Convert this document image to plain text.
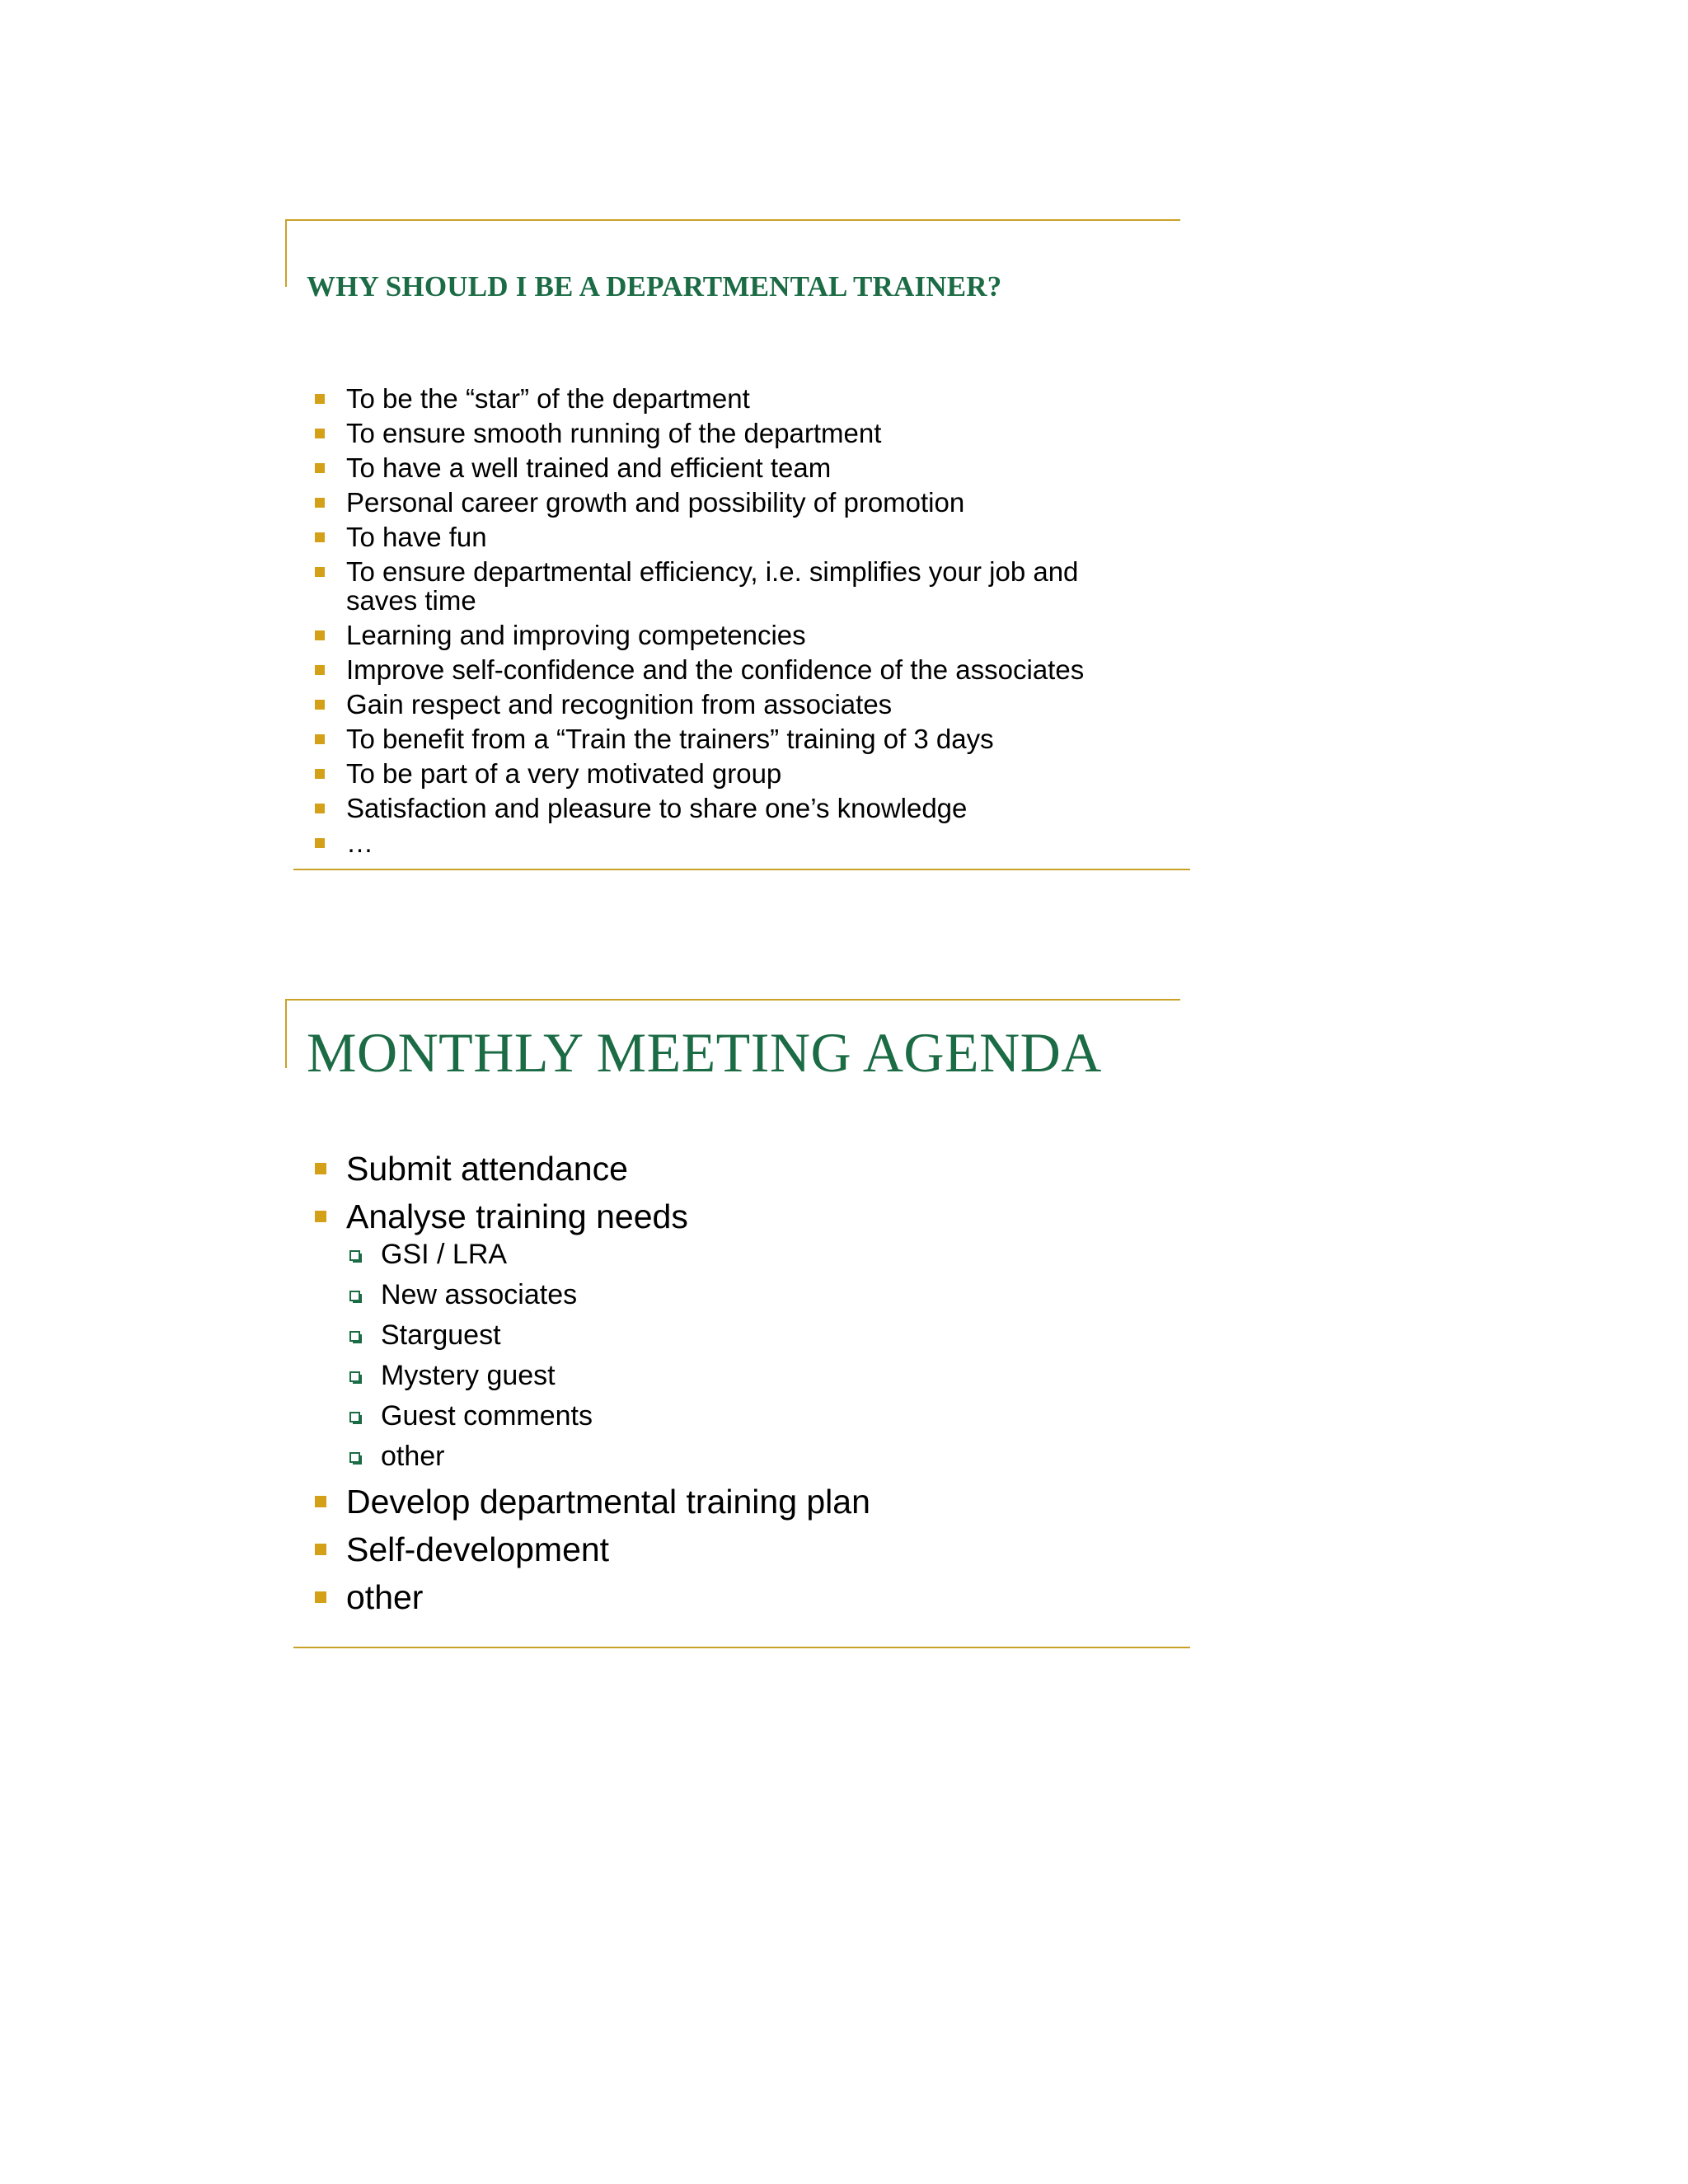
WHY SHOULD I BE A DEPARTMENTAL TRAINER?
To be the “star” of the department
To ensure smooth running of the department
To have a well trained and efficient team
Personal career growth and possibility of promotion
To have fun
To ensure departmental efficiency, i.e. simplifies your job and saves time
Learning and improving competencies
Improve self-confidence and the confidence of the associates
Gain respect and recognition from associates
To benefit from a “Train the trainers” training of 3 days
To be part of a very motivated group
Satisfaction and pleasure to share one’s knowledge
…
MONTHLY MEETING AGENDA
Submit attendance
Analyse training needs
GSI / LRA
New associates
Starguest
Mystery guest
Guest comments
other
Develop departmental training plan
Self-development
other
